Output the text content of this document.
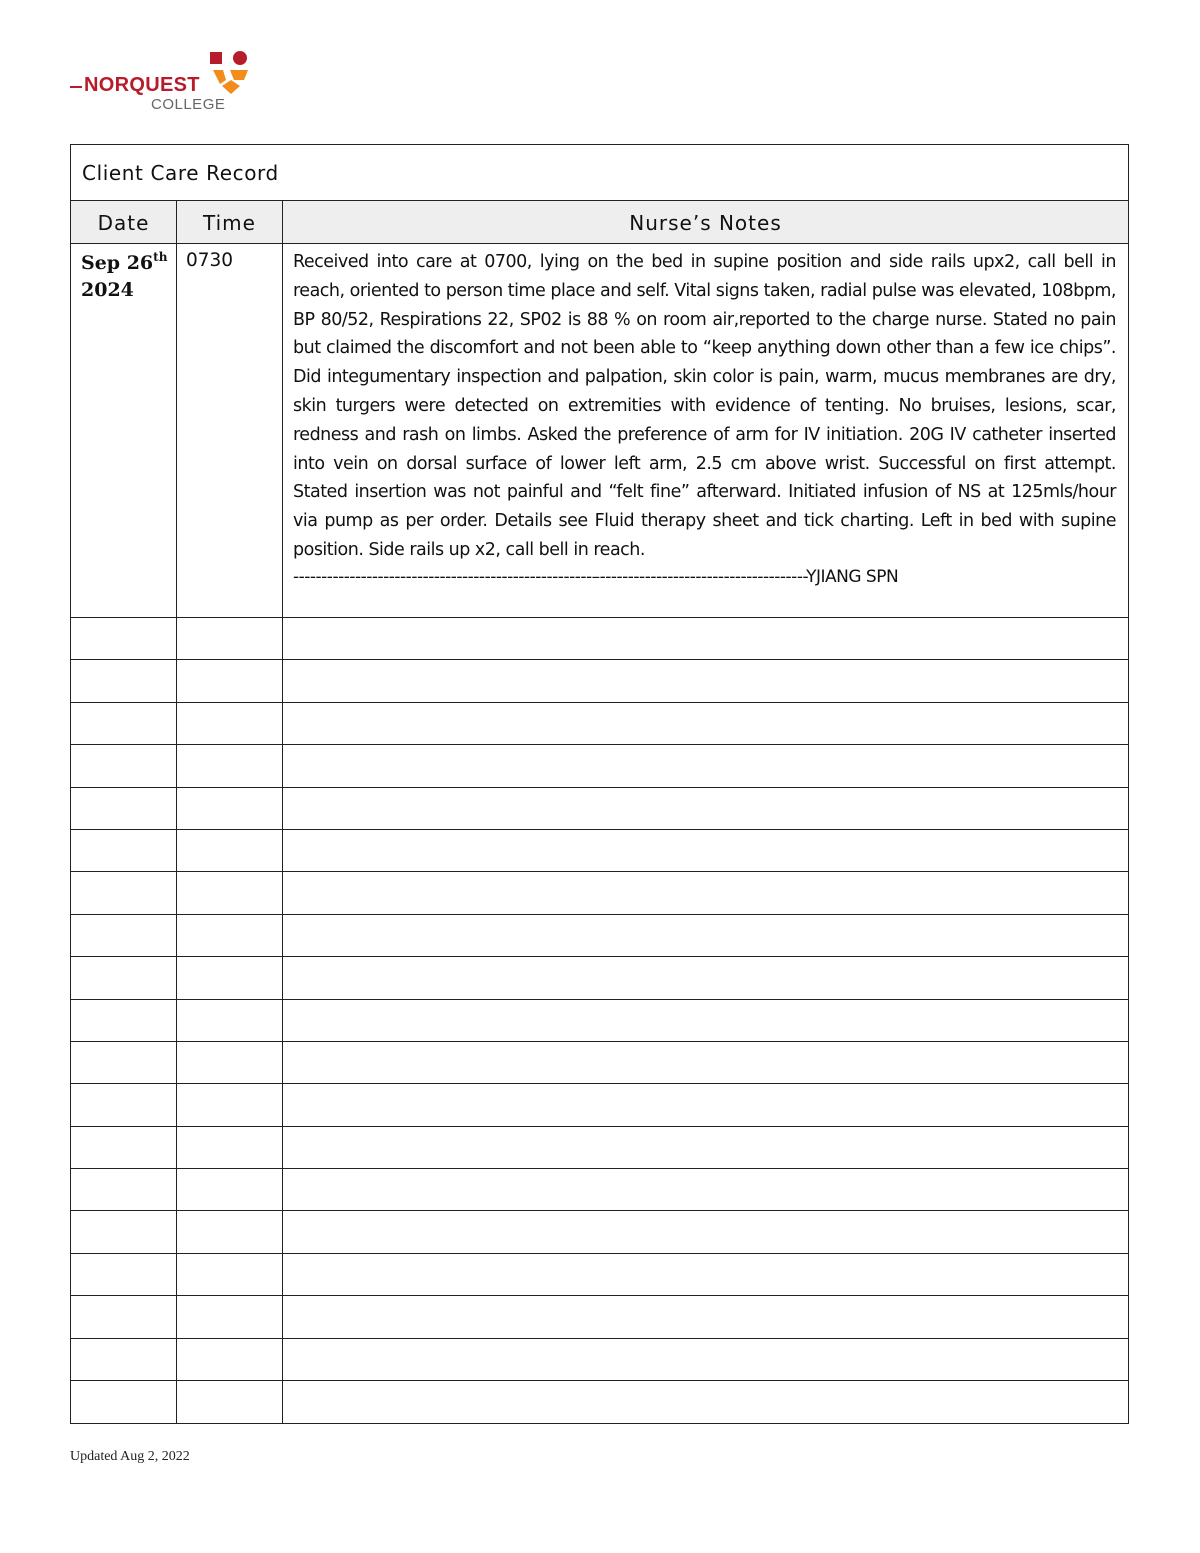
NORQUEST
COLLEGE
Client Care Record
Date	Time	Nurse’s Notes
Sep 26th
2024
0730	Received into care at 0700, lying on the bed in supine position and side rails upx2, call bell in reach, oriented to person time place and self. Vital signs taken, radial pulse was elevated, 108bpm, BP 80/52, Respirations 22, SP02 is 88 % on room air,reported to the charge nurse. Stated no pain but claimed the discomfort and not been able to “keep anything down other than a few ice chips”. Did integumentary inspection and palpation, skin color is pain, warm, mucus membranes are dry, skin turgers were detected on extremities with evidence of tenting. No bruises, lesions, scar, redness and rash on limbs. Asked the preference of arm for IV initiation. 20G IV catheter inserted into vein on dorsal surface of lower left arm, 2.5 cm above wrist. Successful on first attempt. Stated insertion was not painful and “felt fine” afterward. Initiated infusion of NS at 125mls/hour via pump as per order. Details see Fluid therapy sheet and tick charting. Left in bed with supine position. Side rails up x2, call bell in reach.
-----------------------------------------------------–-------------------------------------YJIANG SPN
Updated Aug 2, 2022
